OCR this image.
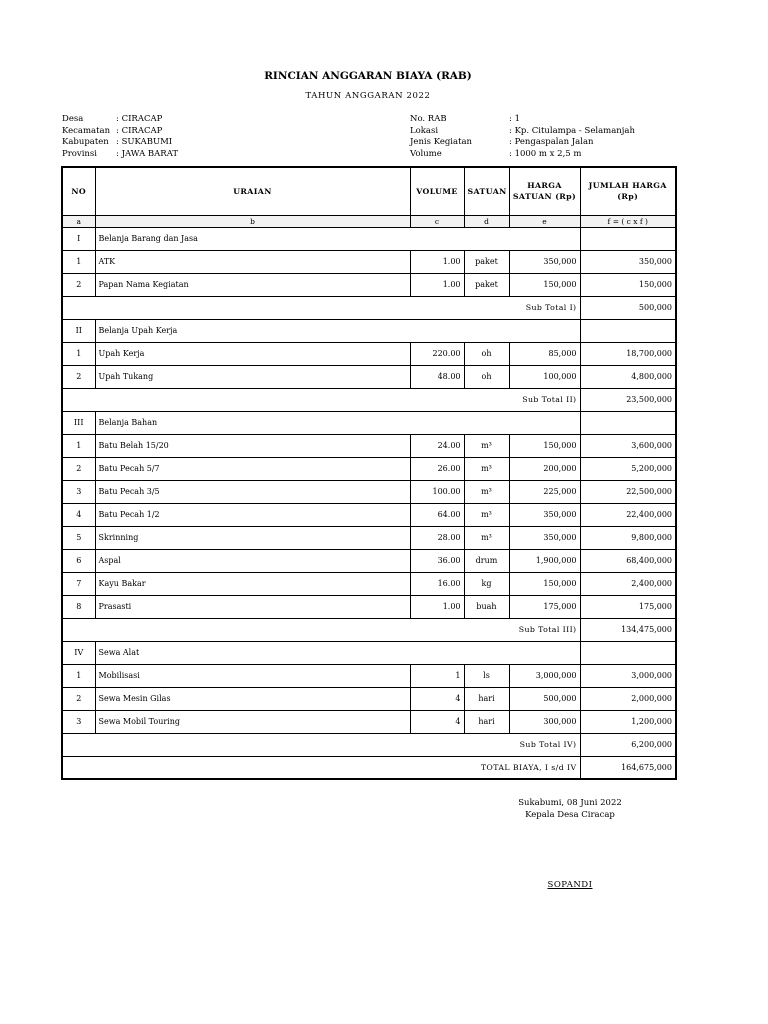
RINCIAN ANGGARAN BIAYA (RAB)
TAHUN ANGGARAN 2022
Desa	: CIRACAP
Kecamatan : CIRACAP
Kabupaten : SUKABUMI
Provinsi	: JAWA BARAT
No. RAB	: 1
Lokasi	: Kp. Citulampa - Selamanjah
Jenis Kegiatan	: Pengaspalan Jalan
Volume	: 1000 m x 2,5 m
NO	URAIAN	VOLUME	SATUAN	HARGA SATUAN (Rp)	JUMLAH HARGA (Rp)
a	b	c	d	e	f = ( c x f )
I	Belanja Barang dan Jasa				
1	ATK	1.00	paket	350,000	350,000
2	Papan Nama Kegiatan	1.00	paket	150,000	150,000
Sub Total I)					500,000
II	Belanja Upah Kerja				
1	Upah Kerja	220.00	oh	85,000	18,700,000
2	Upah Tukang	48.00	oh	100,000	4,800,000
Sub Total II)					23,500,000
III	Belanja Bahan				
1	Batu Belah 15/20	24.00	m³	150,000	3,600,000
2	Batu Pecah 5/7	26.00	m³	200,000	5,200,000
3	Batu Pecah 3/5	100.00	m³	225,000	22,500,000
4	Batu Pecah 1/2	64.00	m³	350,000	22,400,000
5	Skrinning	28.00	m³	350,000	9,800,000
6	Aspal	36.00	drum	1,900,000	68,400,000
7	Kayu Bakar	16.00	kg	150,000	2,400,000
8	Prasasti	1.00	buah	175,000	175,000
Sub Total III)					134,475,000
IV	Sewa Alat				
1	Mobilisasi	1	ls	3,000,000	3,000,000
2	Sewa Mesin Gilas	4	hari	500,000	2,000,000
3	Sewa Mobil Touring	4	hari	300,000	1,200,000
Sub Total IV)					6,200,000
TOTAL BIAYA, I s/d IV					164,675,000
Sukabumi, 08 Juni 2022
Kepala Desa Ciracap
SOPANDI
